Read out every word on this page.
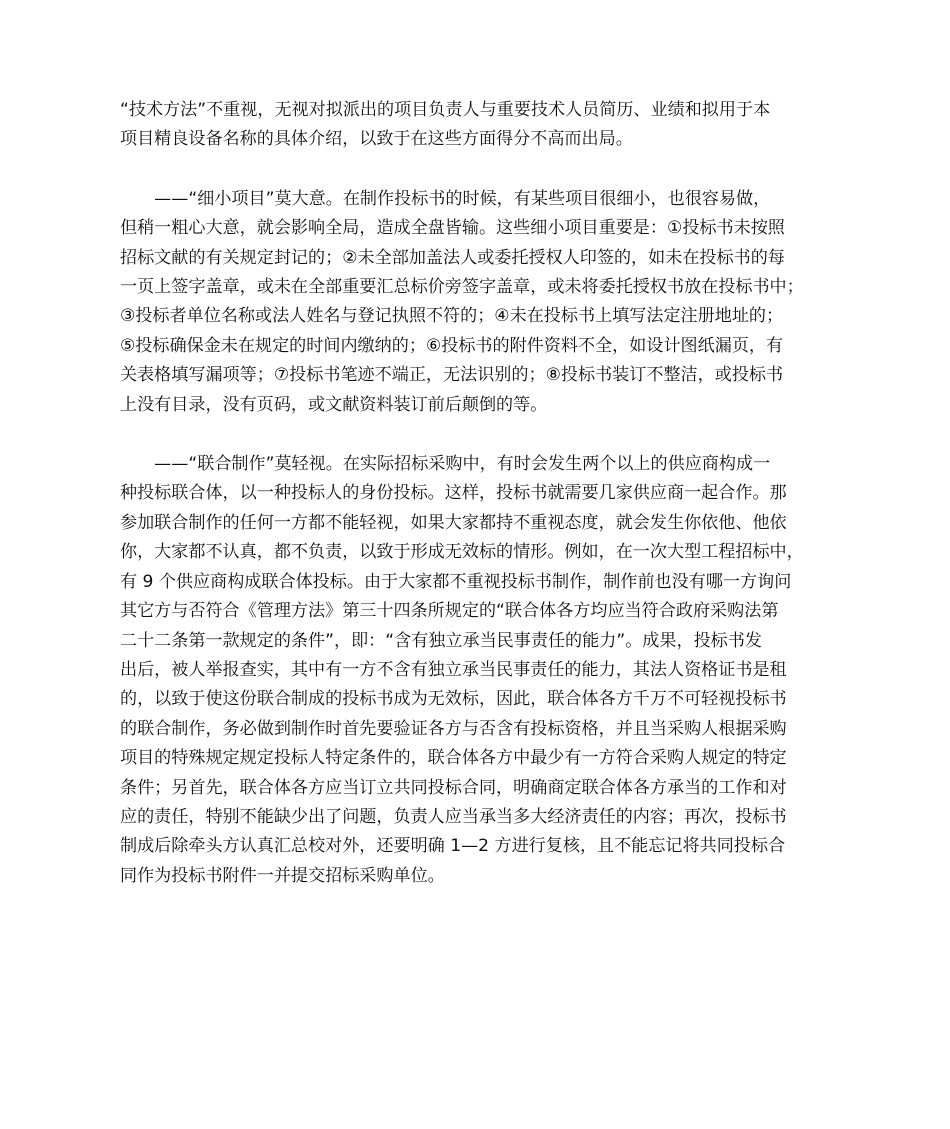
“技术方法”不重视，无视对拟派出的项目负责人与重要技术人员简历、业绩和拟用于本
项目精良设备名称的具体介绍，以致于在这些方面得分不高而出局。
　　——“细小项目”莫大意。在制作投标书的时候，有某些项目很细小，也很容易做，
但稍一粗心大意，就会影响全局，造成全盘皆输。这些细小项目重要是：①投标书未按照
招标文献的有关规定封记的；②未全部加盖法人或委托授权人印签的，如未在投标书的每
一页上签字盖章，或未在全部重要汇总标价旁签字盖章，或未将委托授权书放在投标书中；
③投标者单位名称或法人姓名与登记执照不符的；④未在投标书上填写法定注册地址的；
⑤投标确保金未在规定的时间内缴纳的；⑥投标书的附件资料不全，如设计图纸漏页，有
关表格填写漏项等；⑦投标书笔迹不端正，无法识别的；⑧投标书装订不整洁，或投标书
上没有目录，没有页码，或文献资料装订前后颠倒的等。
　　——“联合制作”莫轻视。在实际招标采购中，有时会发生两个以上的供应商构成一
种投标联合体，以一种投标人的身份投标。这样，投标书就需要几家供应商一起合作。那
参加联合制作的任何一方都不能轻视，如果大家都持不重视态度，就会发生你依他、他依
你，大家都不认真，都不负责，以致于形成无效标的情形。例如，在一次大型工程招标中，
有 9 个供应商构成联合体投标。由于大家都不重视投标书制作，制作前也没有哪一方询问
其它方与否符合《管理方法》第三十四条所规定的“联合体各方均应当符合政府采购法第
二十二条第一款规定的条件”，即：“含有独立承当民事责任的能力”。成果，投标书发
出后，被人举报查实，其中有一方不含有独立承当民事责任的能力，其法人资格证书是租
的，以致于使这份联合制成的投标书成为无效标，因此，联合体各方千万不可轻视投标书
的联合制作，务必做到制作时首先要验证各方与否含有投标资格，并且当采购人根据采购
项目的特殊规定规定投标人特定条件的，联合体各方中最少有一方符合采购人规定的特定
条件；另首先，联合体各方应当订立共同投标合同，明确商定联合体各方承当的工作和对
应的责任，特别不能缺少出了问题，负责人应当承当多大经济责任的内容；再次，投标书
制成后除牵头方认真汇总校对外，还要明确 1—2 方进行复核，且不能忘记将共同投标合
同作为投标书附件一并提交招标采购单位。
